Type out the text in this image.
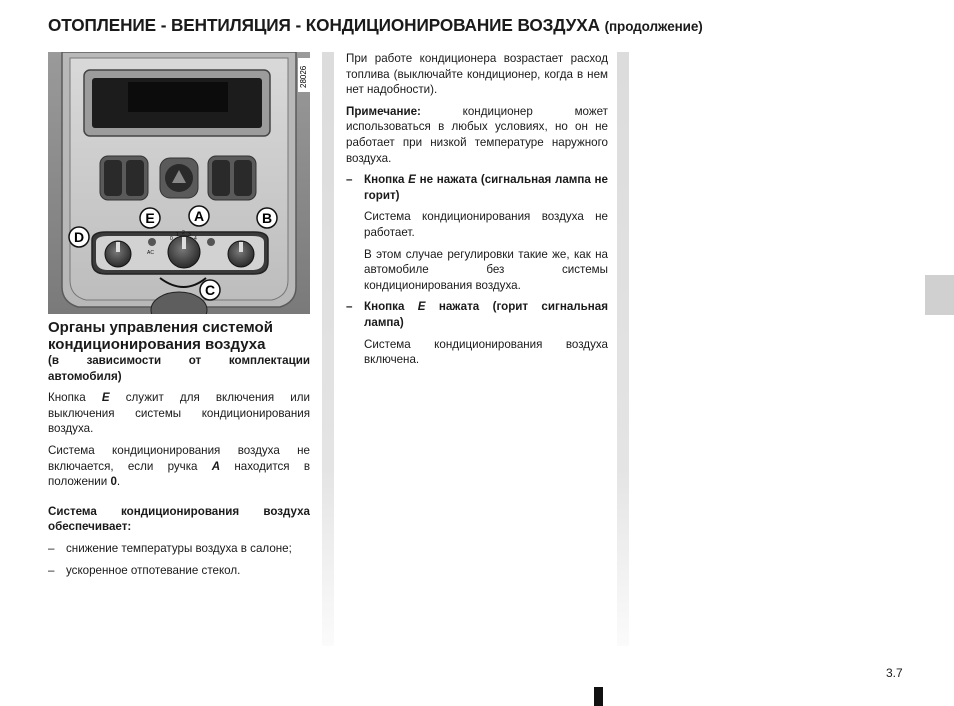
ОТОПЛЕНИЕ - ВЕНТИЛЯЦИЯ - КОНДИЦИОНИРОВАНИЕ ВОЗДУХА (продолжение)
28026
0
1 2 3
4
AC
E	A	B
D
C
Органы управления системой кондиционирования воздуха
(в зависимости от комплектации автомобиля)

Кнопка E служит для включения или выключения системы кондиционирования воздуха.

Система кондиционирования воздуха не включается, если ручка A находится в положении 0.

Система кондиционирования воздуха обеспечивает:

– снижение температуры воздуха в салоне;
– ускоренное отпотевание стекол.

При работе кондиционера возрастает расход топлива (выключайте кондиционер, когда в нем нет надобности).

Примечание: кондиционер может использоваться в любых условиях, но он не работает при низкой температуре наружного воздуха.

– Кнопка E не нажата (сигнальная лампа не горит)

Система кондиционирования воздуха не работает.

В этом случае регулировки такие же, как на автомобиле без системы кондиционирования воздуха.

– Кнопка E нажата (горит сигнальная лампа)

Система кондиционирования воздуха включена.

3.7
